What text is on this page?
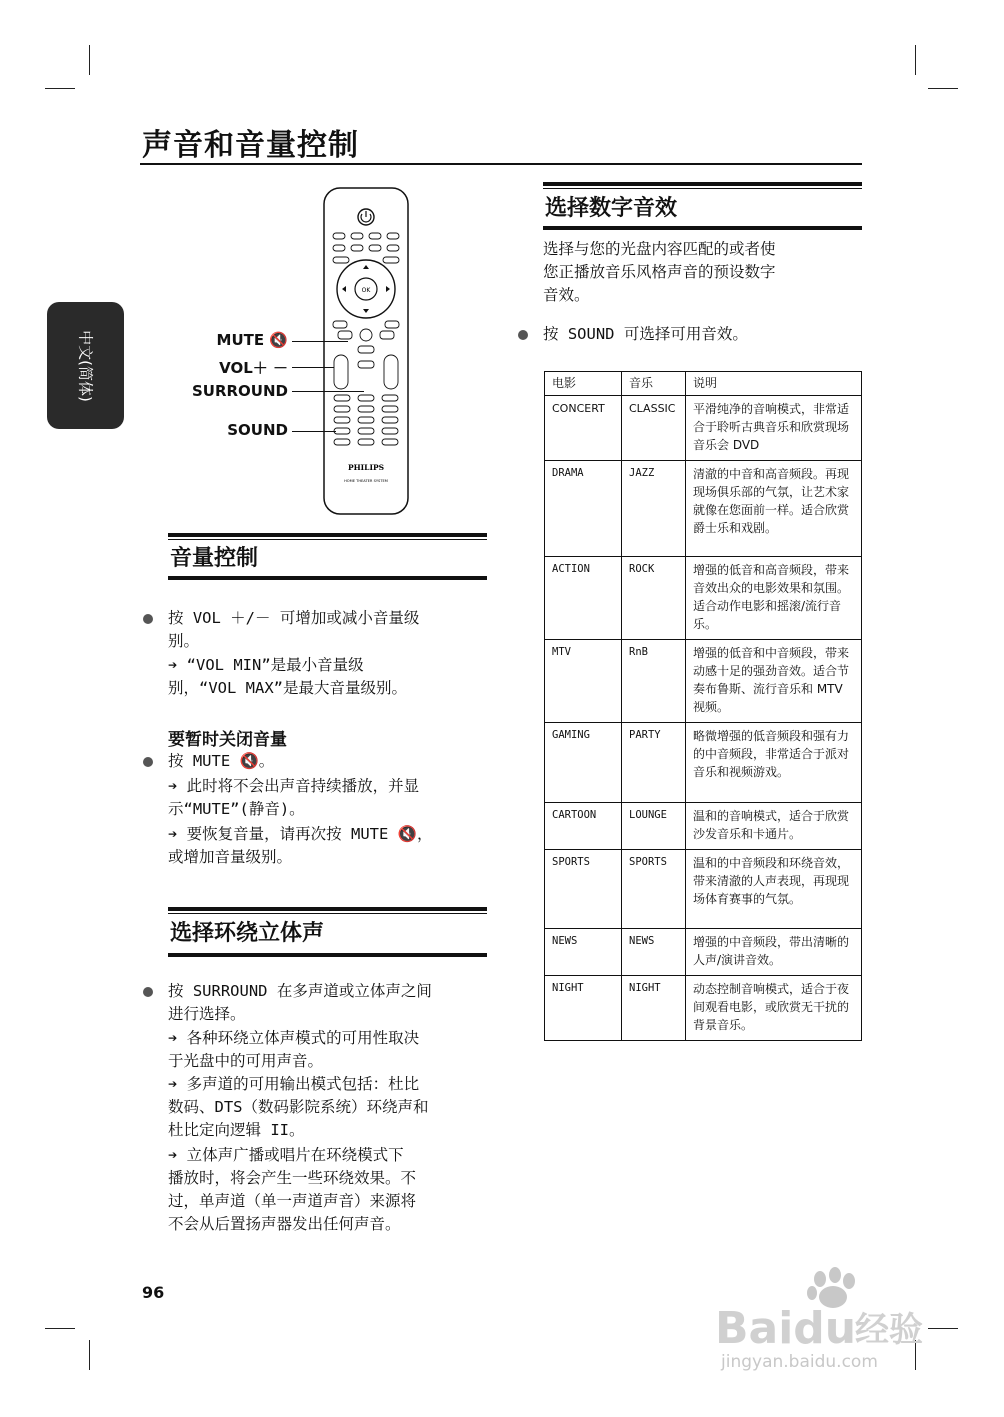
声音和音量控制
中文(简体)
OK
PHILIPS
HOME THEATER SYSTEM
MUTE 🔇
VOL＋ －
SURROUND
SOUND
音量控制
按 VOL ＋/－ 可增加或减小音量级
别。
➔ “VOL MIN”是最小音量级
别，“VOL MAX”是最大音量级别。
要暂时关闭音量
按 MUTE 🔇。
➔ 此时将不会出声音持续播放，并显
示“MUTE”(静音)。
➔ 要恢复音量，请再次按 MUTE 🔇，
或增加音量级别。
选择环绕立体声
按 SURROUND 在多声道或立体声之间
进行选择。
➔ 各种环绕立体声模式的可用性取决
于光盘中的可用声音。
➔ 多声道的可用输出模式包括：杜比
数码、DTS（数码影院系统）环绕声和
杜比定向逻辑 II。
➔ 立体声广播或唱片在环绕模式下
播放时，将会产生一些环绕效果。不
过，单声道（单一声道声音）来源将
不会从后置扬声器发出任何声音。
选择数字音效
选择与您的光盘内容匹配的或者使
您正播放音乐风格声音的预设数字
音效。
按 SOUND 可选择可用音效。
电影	音乐	说明
CONCERT	CLASSIC	平滑纯净的音响模式，非常适合于聆听古典音乐和欣赏现场音乐会 DVD
DRAMA	JAZZ	清澈的中音和高音频段。再现现场俱乐部的气氛，让艺术家就像在您面前一样。适合欣赏爵士乐和戏剧。
ACTION	ROCK	增强的低音和高音频段，带来音效出众的电影效果和氛围。适合动作电影和摇滚/流行音乐。
MTV	RnB	增强的低音和中音频段，带来动感十足的强劲音效。适合节奏布鲁斯、流行音乐和 MTV 视频。
GAMING	PARTY	略微增强的低音频段和强有力的中音频段，非常适合于派对音乐和视频游戏。
CARTOON	LOUNGE	温和的音响模式，适合于欣赏沙发音乐和卡通片。
SPORTS	SPORTS	温和的中音频段和环绕音效，带来清澈的人声表现，再现现场体育赛事的气氛。
NEWS	NEWS	增强的中音频段，带出清晰的人声/演讲音效。
NIGHT	NIGHT	动态控制音响模式，适合于夜间观看电影，或欣赏无干扰的背景音乐。
96
Baidu
经验
jingyan.baidu.com
